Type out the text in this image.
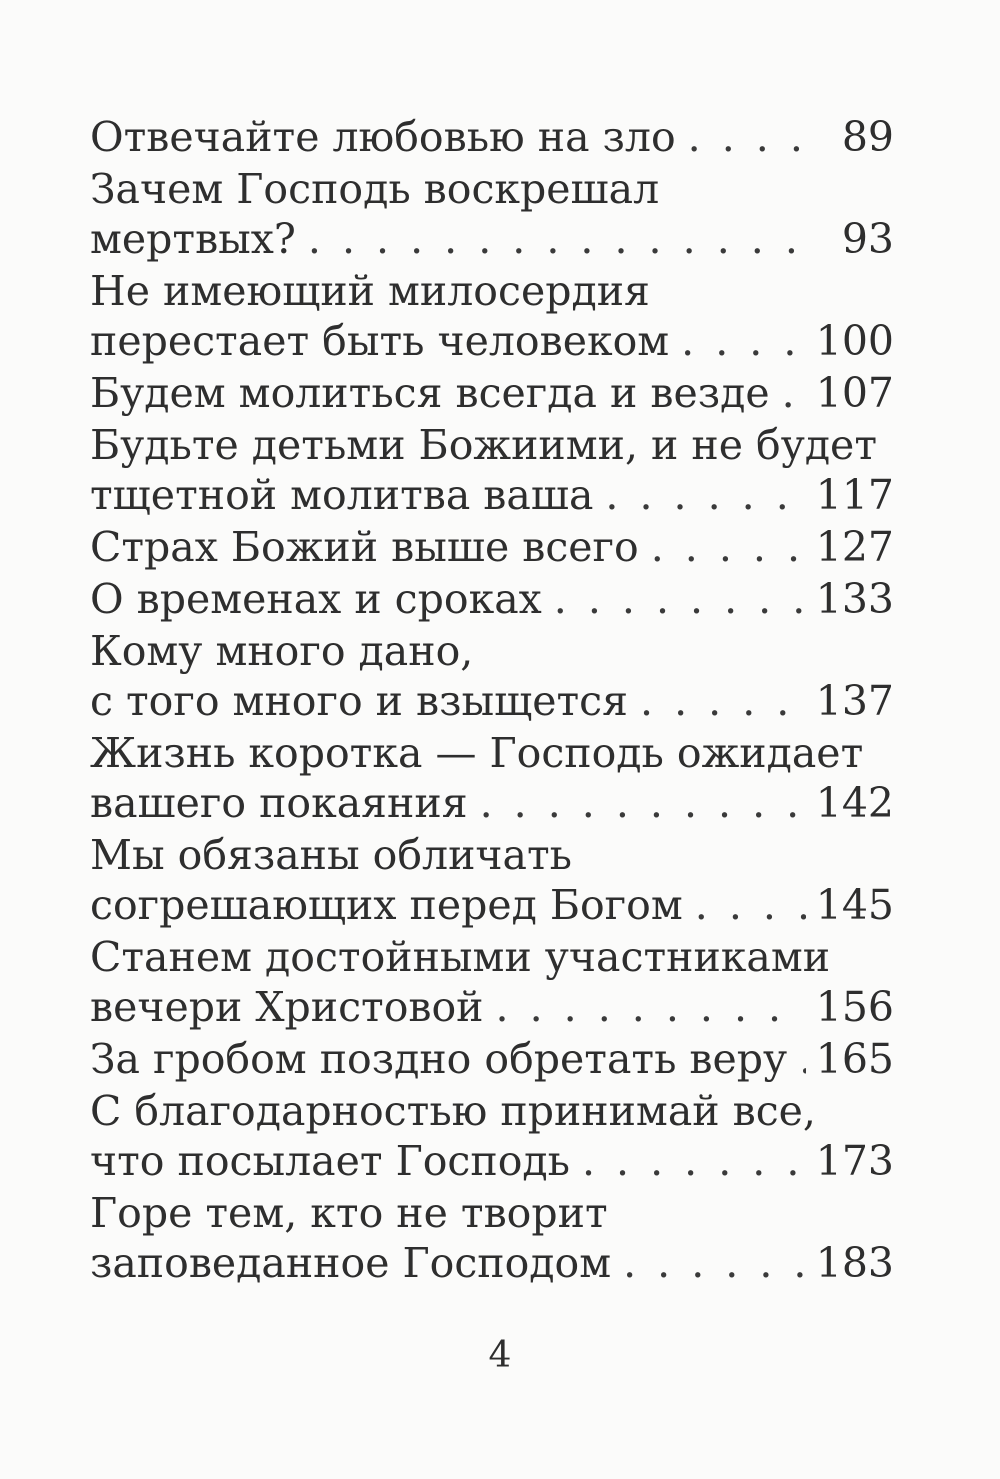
Отвечайте любовью на зло . . .	89
Зачем Господь воскрешал
мертвых? . . .	93
Не имеющий милосердия
перестает быть человеком . . .	100
Будем молиться всегда и везде . . . 107
Будьте детьми Божиими, и не будет
тщетной молитва ваша . . .	117
Страх Божий выше всего . . .	127
О временах и сроках . . .	133
Кому много дано,
с того много и взыщется . . .	137
Жизнь коротка — Господь ожидает
вашего покаяния . . .	142
Мы обязаны обличать
согрешающих перед Богом . . .	145
Станем достойными участниками
вечери Христовой . . .	156
За гробом поздно обретать веру . . . 165
С благодарностью принимай все,
что посылает Господь . . .	173
Горе тем, кто не творит
заповеданное Господом . . .	183
4
